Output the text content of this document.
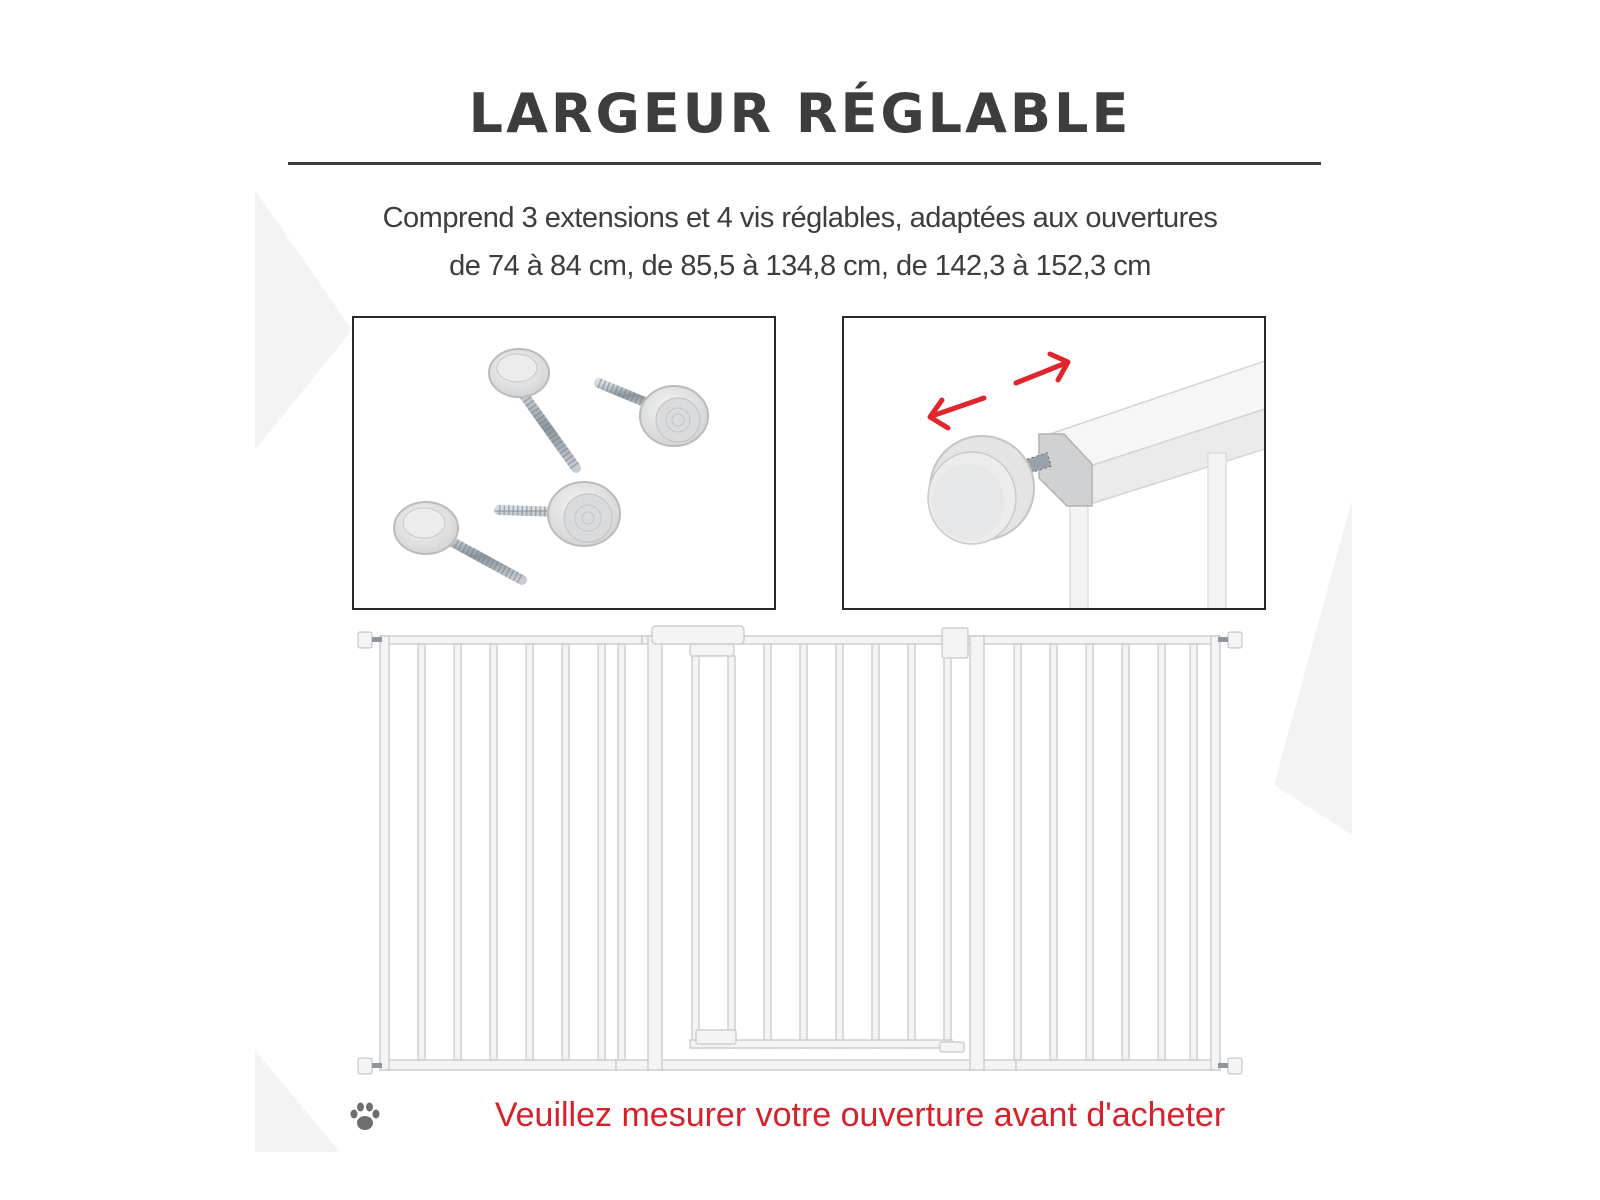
LARGEUR RÉGLABLE
Comprend 3 extensions et 4 vis réglables, adaptées aux ouvertures
de 74 à 84 cm, de 85,5 à 134,8 cm, de 142,3 à 152,3 cm
Veuillez mesurer votre ouverture avant d'acheter
